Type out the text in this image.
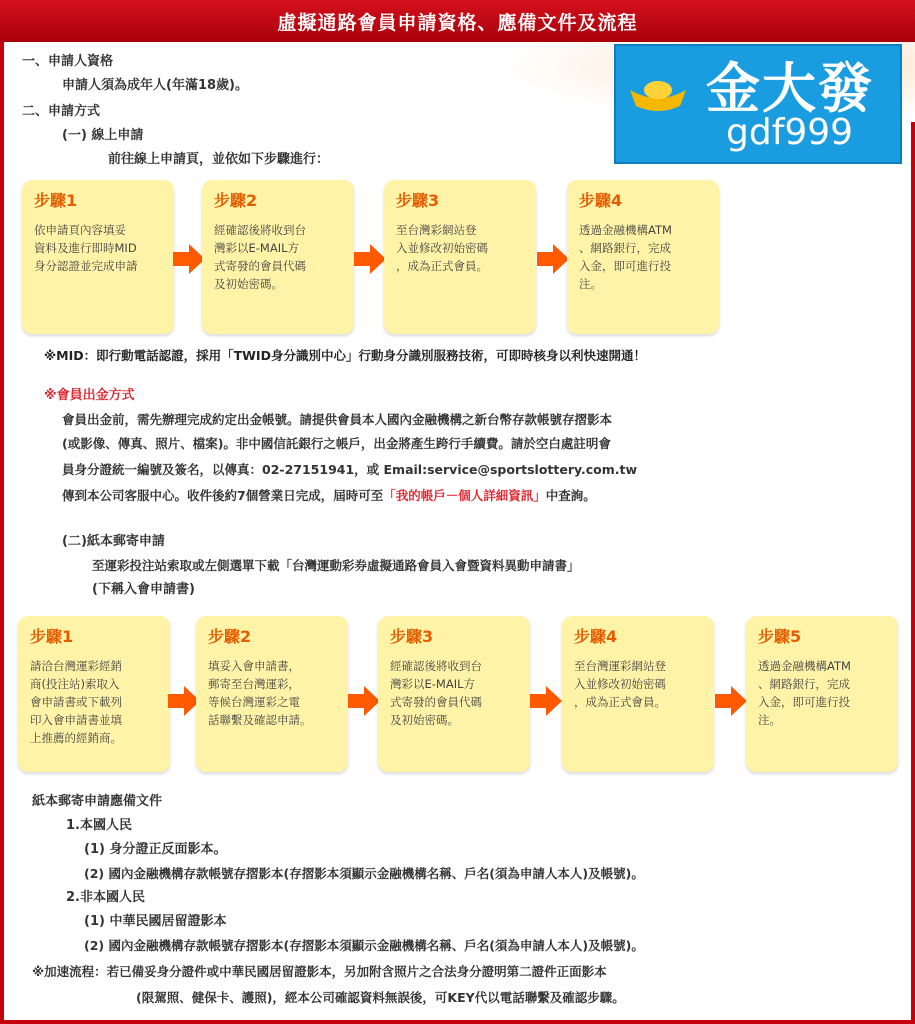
虛擬通路會員申請資格、應備文件及流程
金大發
gdf999
一、申請人資格
申請人須為成年人(年滿18歲)。
二、申請方式
(一) 線上申請
前往線上申請頁，並依如下步驟進行：
步驟1
依申請頁內容填妥
資料及進行即時MID
身分認證並完成申請
步驟2
經確認後將收到台
灣彩以E-MAIL方
式寄發的會員代碼
及初始密碼。
步驟3
至台灣彩網站登
入並修改初始密碼
，成為正式會員。
步驟4
透過金融機構ATM
、網路銀行，完成
入金，即可進行投
注。
※MID：即行動電話認證，採用「TWID身分識別中心」行動身分識別服務技術，可即時核身以利快速開通！
※會員出金方式
會員出金前，需先辦理完成約定出金帳號。請提供會員本人國內金融機構之新台幣存款帳號存摺影本
(或影像、傳真、照片、檔案)。非中國信託銀行之帳戶，出金將產生跨行手續費。請於空白處註明會
員身分證統一編號及簽名，以傳真：02-27151941，或 Email:service@sportslottery.com.tw
傳到本公司客服中心。收件後約7個營業日完成，屆時可至「我的帳戶－個人詳細資訊」中查詢。
(二)紙本郵寄申請
至運彩投注站索取或左側選單下載「台灣運動彩券虛擬通路會員入會暨資料異動申請書」
(下稱入會申請書)
步驟1
請洽台灣運彩經銷
商(投注站)索取入
會申請書或下載列
印入會申請書並填
上推薦的經銷商。
步驟2
填妥入會申請書，
郵寄至台灣運彩，
等候台灣運彩之電
話聯繫及確認申請。
步驟3
經確認後將收到台
灣彩以E-MAIL方
式寄發的會員代碼
及初始密碼。
步驟4
至台灣運彩網站登
入並修改初始密碼
，成為正式會員。
步驟5
透過金融機構ATM
、網路銀行，完成
入金，即可進行投
注。
紙本郵寄申請應備文件
1.本國人民
(1) 身分證正反面影本。
(2) 國內金融機構存款帳號存摺影本(存摺影本須顯示金融機構名稱、戶名(須為申請人本人)及帳號)。
2.非本國人民
(1) 中華民國居留證影本
(2) 國內金融機構存款帳號存摺影本(存摺影本須顯示金融機構名稱、戶名(須為申請人本人)及帳號)。
※加速流程：若已備妥身分證件或中華民國居留證影本，另加附含照片之合法身分證明第二證件正面影本
(限駕照、健保卡、護照)，經本公司確認資料無誤後，可KEY代以電話聯繫及確認步驟。
